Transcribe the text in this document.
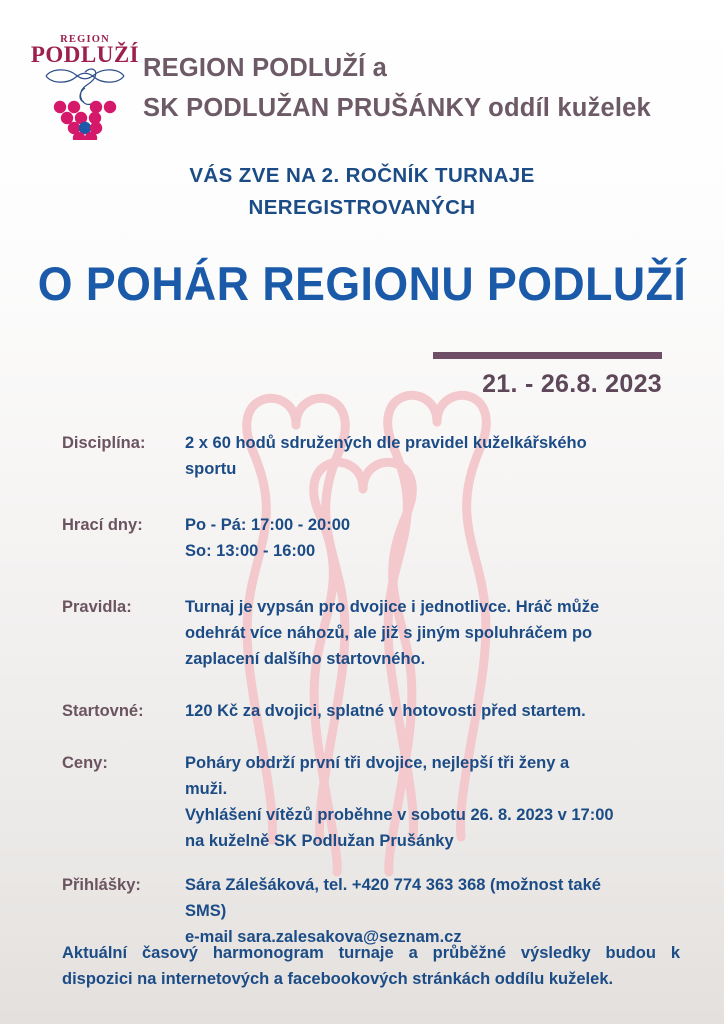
REGION
PODLUŽÍ REGION PODLUŽÍ a
SK PODLUŽAN PRUŠÁNKY oddíl kuželek
VÁS ZVE NA 2. ROČNÍK TURNAJE
NEREGISTROVANÝCH
O POHÁR REGIONU PODLUŽÍ
21. - 26.8. 2023
Disciplína:	2 x 60 hodů sdružených dle pravidel kuželkářského
sportu
Hrací dny:	Po - Pá: 17:00 - 20:00
So: 13:00 - 16:00
Pravidla:	Turnaj je vypsán pro dvojice i jednotlivce. Hráč může
odehrát více náhozů, ale již s jiným spoluhráčem po
zaplacení dalšího startovného.
Startovné:	120 Kč za dvojici, splatné v hotovosti před startem.
Ceny:	Poháry obdrží první tři dvojice, nejlepší tři ženy a
muži.
Vyhlášení vítězů proběhne v sobotu 26. 8. 2023 v 17:00
na kuželně SK Podlužan Prušánky
Přihlášky:	Sára Zálešáková, tel. +420 774 363 368 (možnost také
SMS)
e-mail sara.zalesakova@seznam.cz
Aktuální časový harmonogram turnaje a průběžné výsledky budou k
dispozici na internetových a facebookových stránkách oddílu kuželek.
